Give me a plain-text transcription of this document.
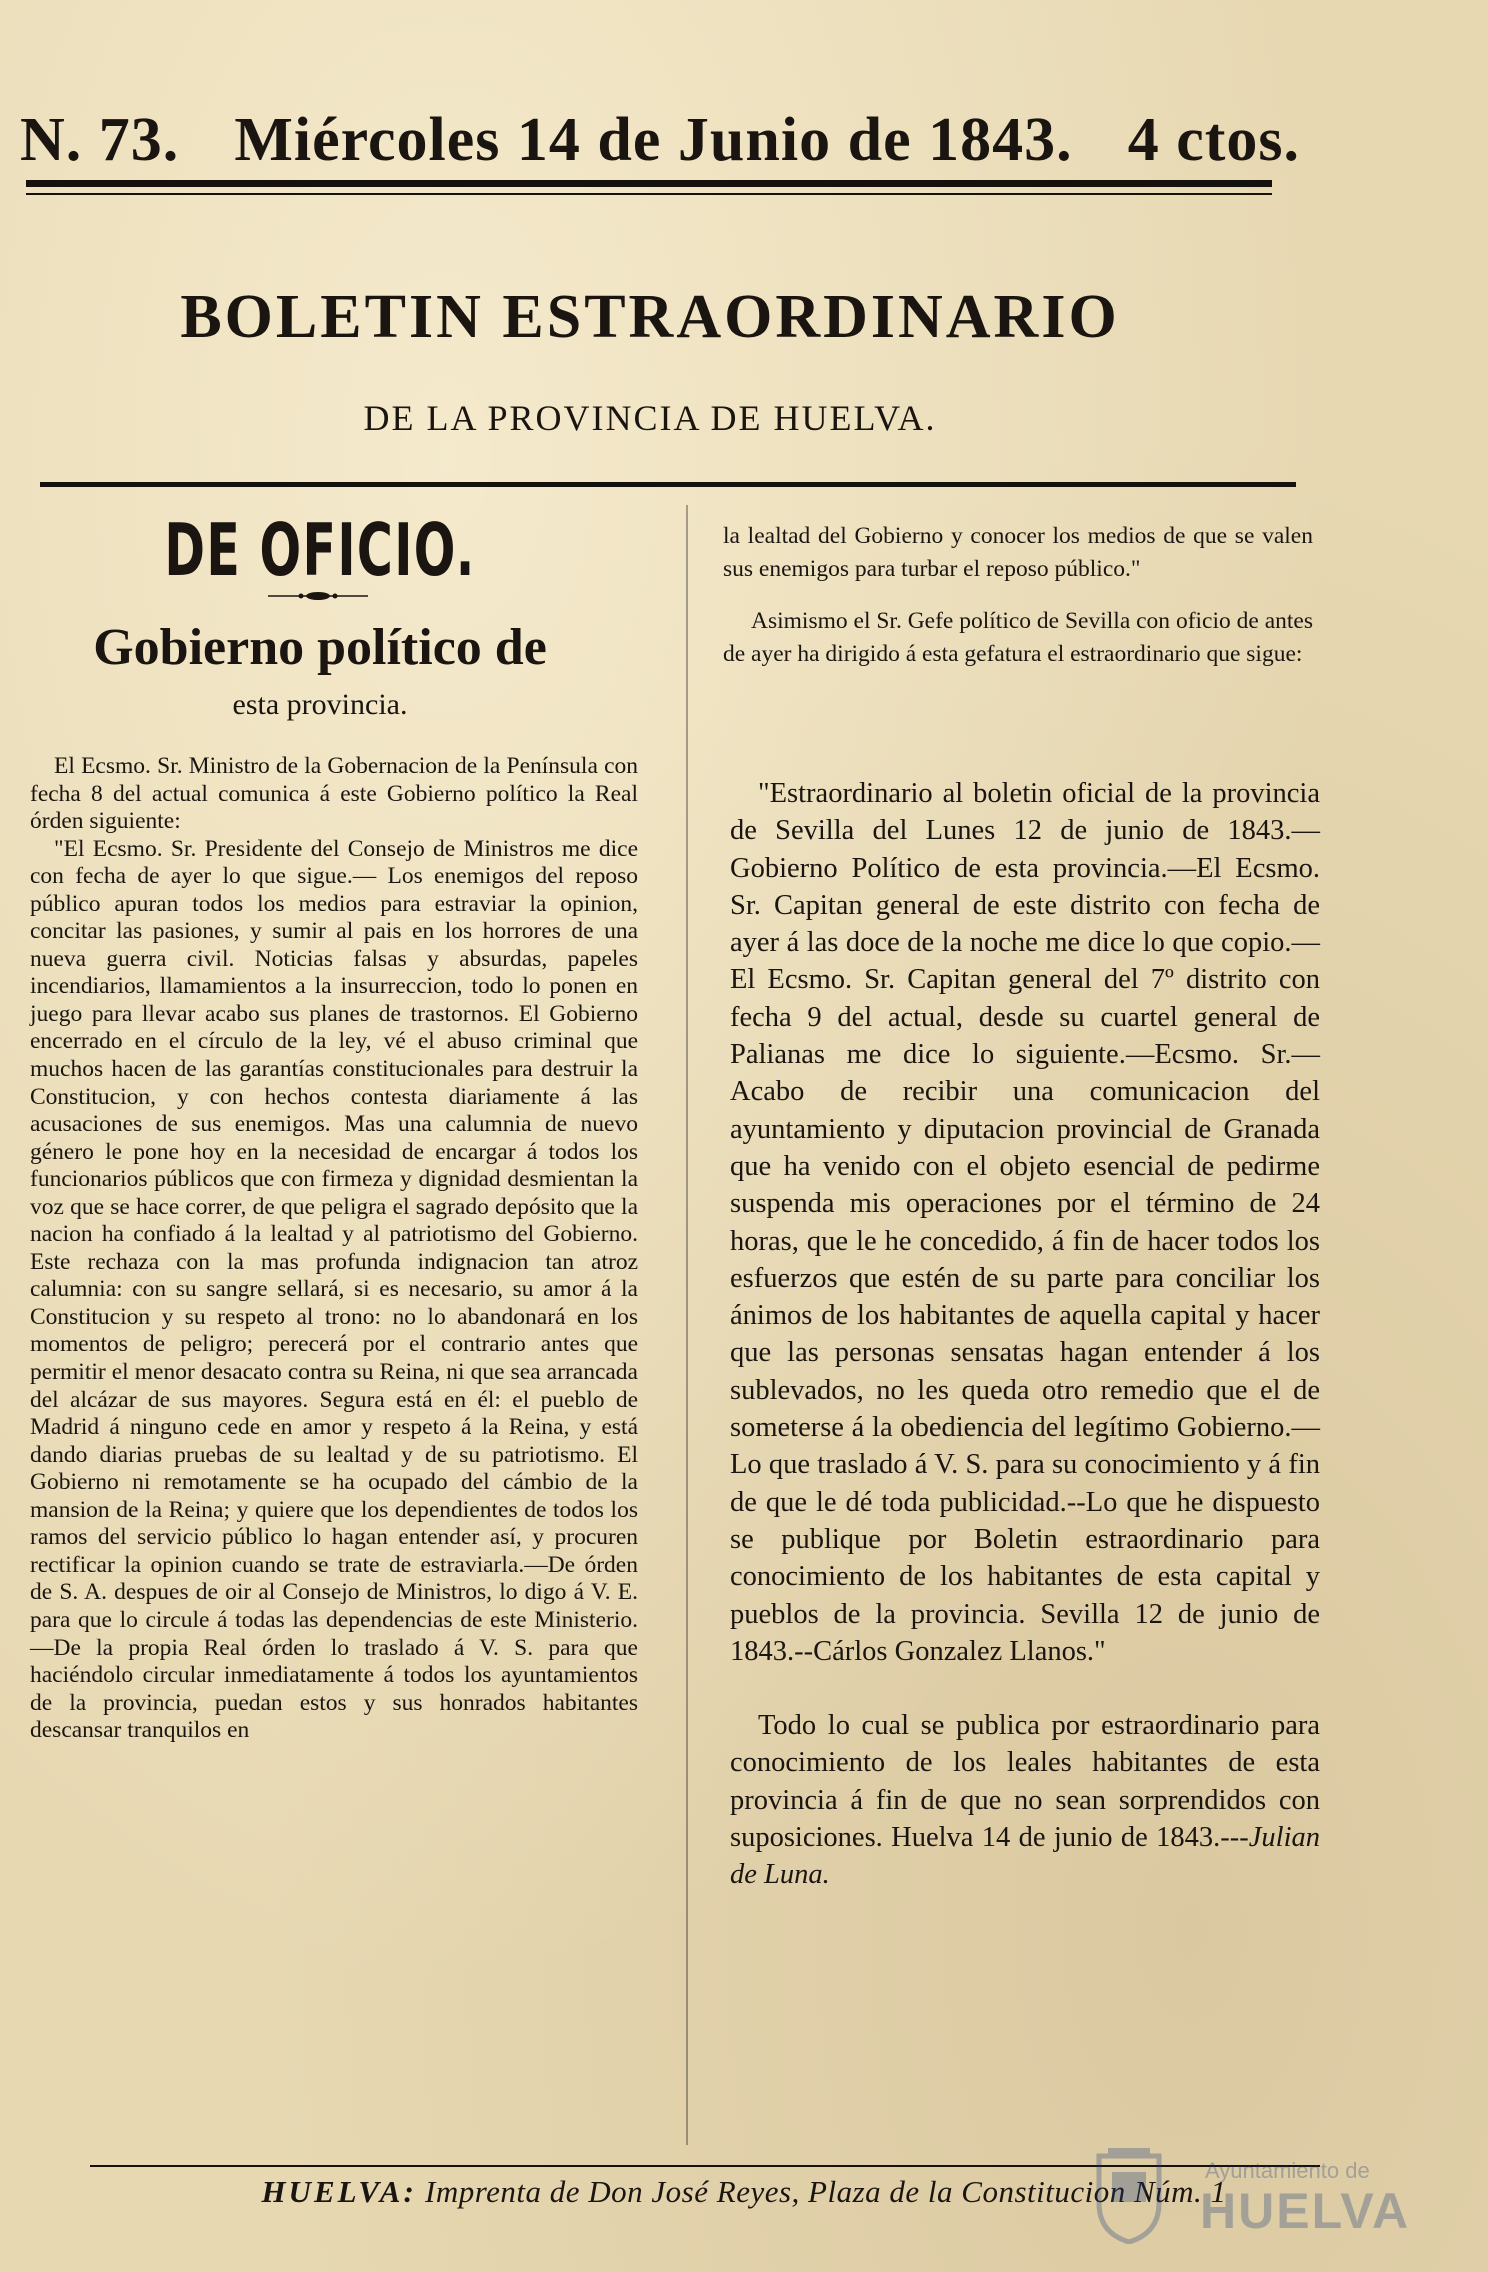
N. 73. Miércoles 14 de Junio de 1843. 4 ctos.
BOLETIN ESTRAORDINARIO
DE LA PROVINCIA DE HUELVA.
DE OFICIO.
Gobierno político de
esta provincia.

El Ecsmo. Sr. Ministro de la Gobernacion de la Península con fecha 8 del actual comunica á este Gobierno político la Real órden siguiente:

"El Ecsmo. Sr. Presidente del Consejo de Ministros me dice con fecha de ayer lo que sigue.— Los enemigos del reposo público apuran todos los medios para estraviar la opinion, concitar las pasiones, y sumir al pais en los horrores de una nueva guerra civil. Noticias falsas y absurdas, papeles incendiarios, llamamientos a la insurreccion, todo lo ponen en juego para llevar acabo sus planes de trastornos. El Gobierno encerrado en el círculo de la ley, vé el abuso criminal que muchos hacen de las garantías constitucionales para destruir la Constitucion, y con hechos contesta diariamente á las acusaciones de sus enemigos. Mas una calumnia de nuevo género le pone hoy en la necesidad de encargar á todos los funcionarios públicos que con firmeza y dignidad desmientan la voz que se hace correr, de que peligra el sagrado depósito que la nacion ha confiado á la lealtad y al patriotismo del Gobierno. Este rechaza con la mas profunda indignacion tan atroz calumnia: con su sangre sellará, si es necesario, su amor á la Constitucion y su respeto al trono: no lo abandonará en los momentos de peligro; perecerá por el contrario antes que permitir el menor desacato contra su Reina, ni que sea arrancada del alcázar de sus mayores. Segura está en él: el pueblo de Madrid á ninguno cede en amor y respeto á la Reina, y está dando diarias pruebas de su lealtad y de su patriotismo. El Gobierno ni remotamente se ha ocupado del cámbio de la mansion de la Reina; y quiere que los dependientes de todos los ramos del servicio público lo hagan entender así, y procuren rectificar la opinion cuando se trate de estraviarla.—De órden de S. A. despues de oir al Consejo de Ministros, lo digo á V. E. para que lo circule á todas las dependencias de este Ministerio.—De la propia Real órden lo traslado á V. S. para que haciéndolo circular inmediatamente á todos los ayuntamientos de la provincia, puedan estos y sus honrados habitantes descansar tranquilos en

la lealtad del Gobierno y conocer los medios de que se valen sus enemigos para turbar el reposo público."

Asimismo el Sr. Gefe político de Sevilla con oficio de antes de ayer ha dirigido á esta gefatura el estraordinario que sigue:

"Estraordinario al boletin oficial de la provincia de Sevilla del Lunes 12 de junio de 1843.—Gobierno Político de esta provincia.—El Ecsmo. Sr. Capitan general de este distrito con fecha de ayer á las doce de la noche me dice lo que copio.—El Ecsmo. Sr. Capitan general del 7º distrito con fecha 9 del actual, desde su cuartel general de Palianas me dice lo siguiente.—Ecsmo. Sr.—Acabo de recibir una comunicacion del ayuntamiento y diputacion provincial de Granada que ha venido con el objeto esencial de pedirme suspenda mis operaciones por el término de 24 horas, que le he concedido, á fin de hacer todos los esfuerzos que estén de su parte para conciliar los ánimos de los habitantes de aquella capital y hacer que las personas sensatas hagan entender á los sublevados, no les queda otro remedio que el de someterse á la obediencia del legítimo Gobierno.—Lo que traslado á V. S. para su conocimiento y á fin de que le dé toda publicidad.--Lo que he dispuesto se publique por Boletin estraordinario para conocimiento de los habitantes de esta capital y pueblos de la provincia. Sevilla 12 de junio de 1843.--Cárlos Gonzalez Llanos."

Todo lo cual se publica por estraordinario para conocimiento de los leales habitantes de esta provincia á fin de que no sean sorprendidos con suposiciones. Huelva 14 de junio de 1843.---Julian de Luna.

HUELVA: Imprenta de Don José Reyes, Plaza de la Constitucion Núm. 1
Ayuntamiento de
HUELVA
